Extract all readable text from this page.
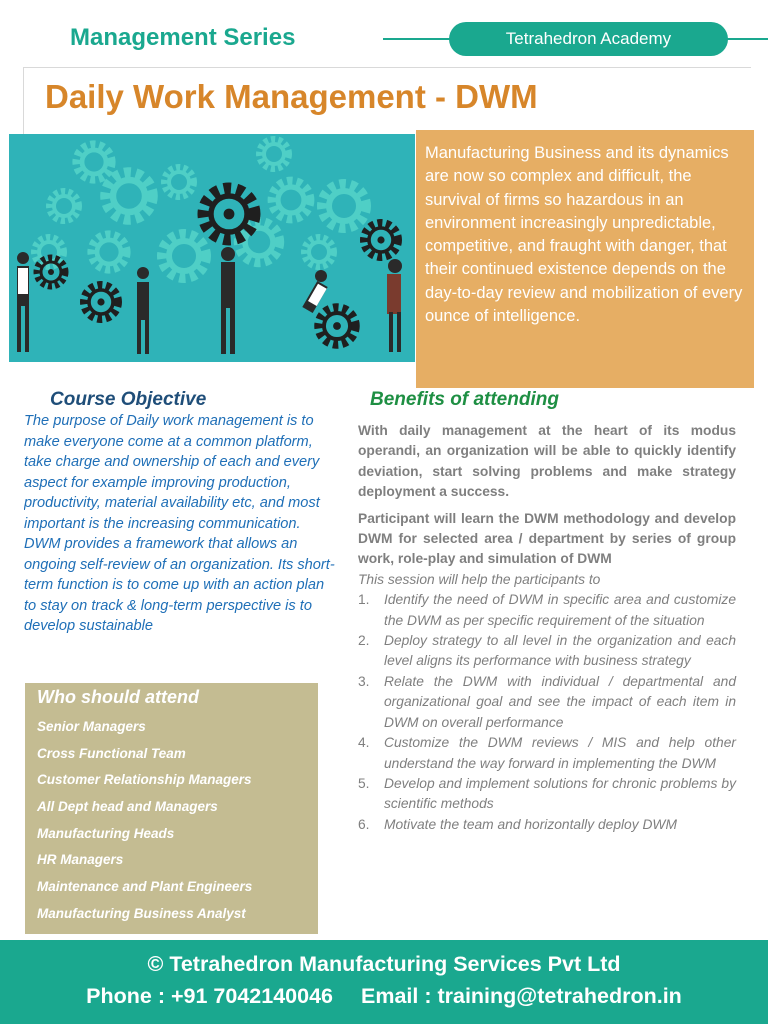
Management Series	Tetrahedron Academy
Daily Work Management - DWM

Manufacturing Business and its dynamics are now so complex and difficult, the survival of firms so hazardous in an environment increasingly unpredictable, competitive, and fraught with danger, that their continued existence depends on the day-to-day review and mobilization of every ounce of intelligence.

Course Objective

The purpose of Daily work management is to make everyone come at a common platform, take charge and ownership of each and every aspect for example improving production, productivity, material availability etc, and most important is the increasing communication.

DWM provides a framework that allows an ongoing self-review of an organization. Its short-term function is to come up with an action plan to stay on track & long-term perspective is to develop sustainable

Who should attend
Senior Managers
Cross Functional Team
Customer Relationship Managers
All Dept head and Managers
Manufacturing Heads
HR Managers
Maintenance and Plant Engineers
Manufacturing Business Analyst
Benefits of attending

With daily management at the heart of its modus operandi, an organization will be able to quickly identify deviation, start solving problems and make strategy deployment a success.

Participant will learn the DWM methodology and develop DWM for selected area / department by series of group work, role-play and simulation of DWM

This session will help the participants to

1.	Identify the need of DWM in specific area and customize the DWM as per specific requirement of the situation
2.	Deploy strategy to all level in the organization and each level aligns its performance with business strategy
3.	Relate the DWM with individual / departmental and organizational goal and see the impact of each item in DWM on overall performance
4.	Customize the DWM reviews / MIS and help other understand the way forward in implementing the DWM
5.	Develop and implement solutions for chronic problems by scientific methods
6.	Motivate the team and horizontally deploy DWM
© Tetrahedron Manufacturing Services Pvt Ltd
Phone : +91 7042140046 Email : training@tetrahedron.in
